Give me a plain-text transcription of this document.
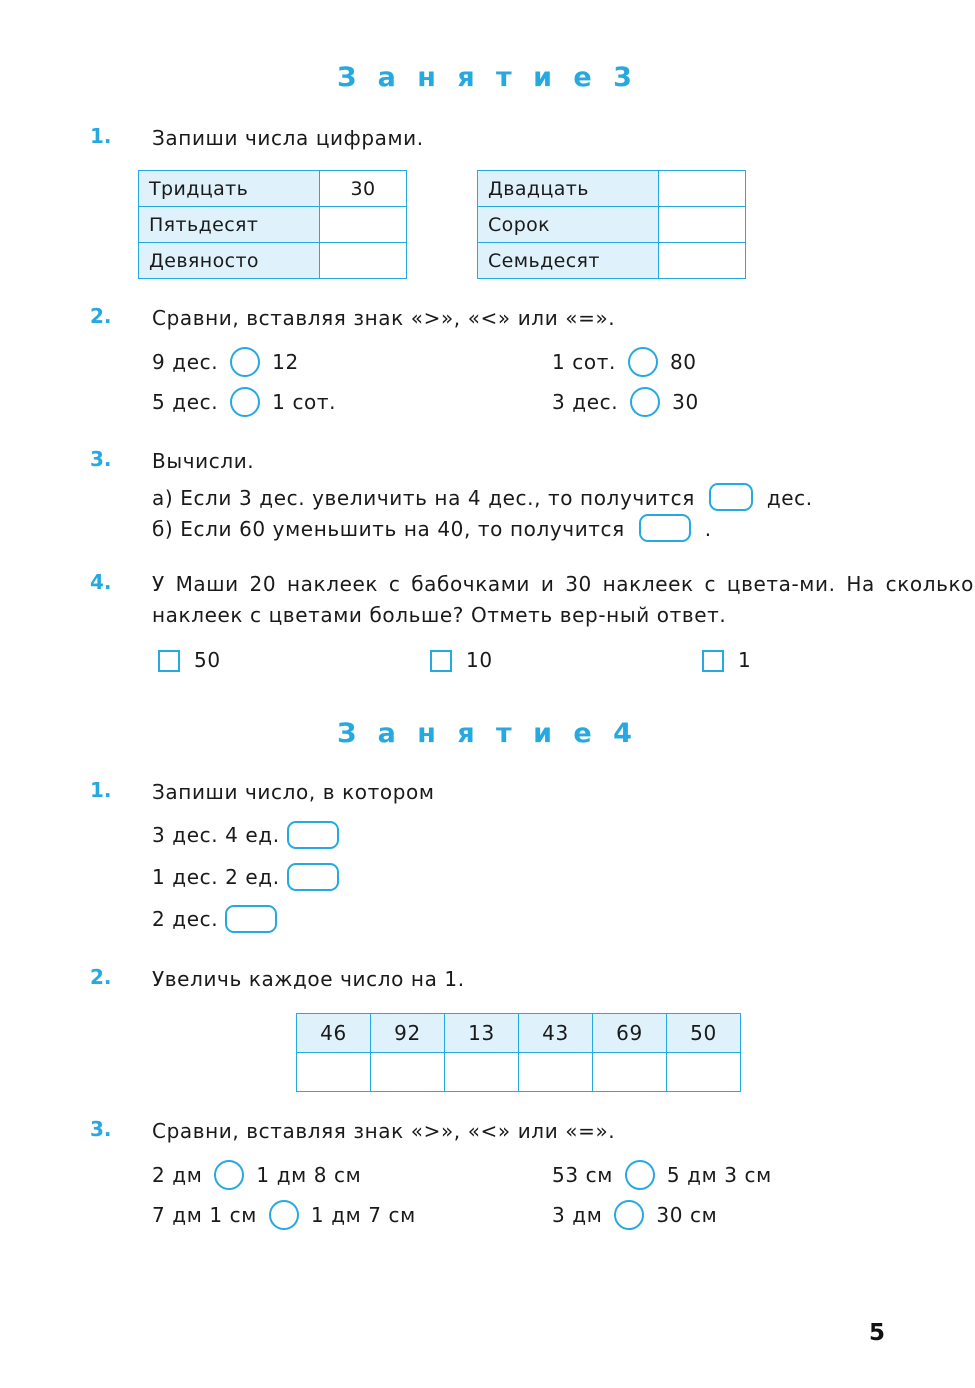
З а н я т и е 3
1.	Запиши числа цифрами.

Тридцать	30
Пятьдесят	
Девяносто	
Двадцать	
Сорок	
Семьдесят	
2.	Сравни, вставляя знак «>», «<» или «=».

9 дес.	12	1 сот.	80
5 дес.	1 сот.	3 дес.	30
3.	Вычисли.

а) Если 3 дес. увеличить на 4 дес., то получится	дес.

б) Если 60 уменьшить на 40, то получится	.

4.	У Маши 20 наклеек с бабочками и 30 наклеек с цвета-ми. На сколько наклеек с цветами больше? Отметь вер-ный ответ.

50	10	1
З а н я т и е 4
1.	Запиши число, в котором

3 дес. 4 ед.
1 дес. 2 ед.
2 дес.
2.	Увеличь каждое число на 1.

46	92	13	43	69	50

3.	Сравни, вставляя знак «>», «<» или «=».

2 дм	1 дм 8 см	53 см	5 дм 3 см
7 дм 1 см	1 дм 7 см	3 дм	30 см
5
